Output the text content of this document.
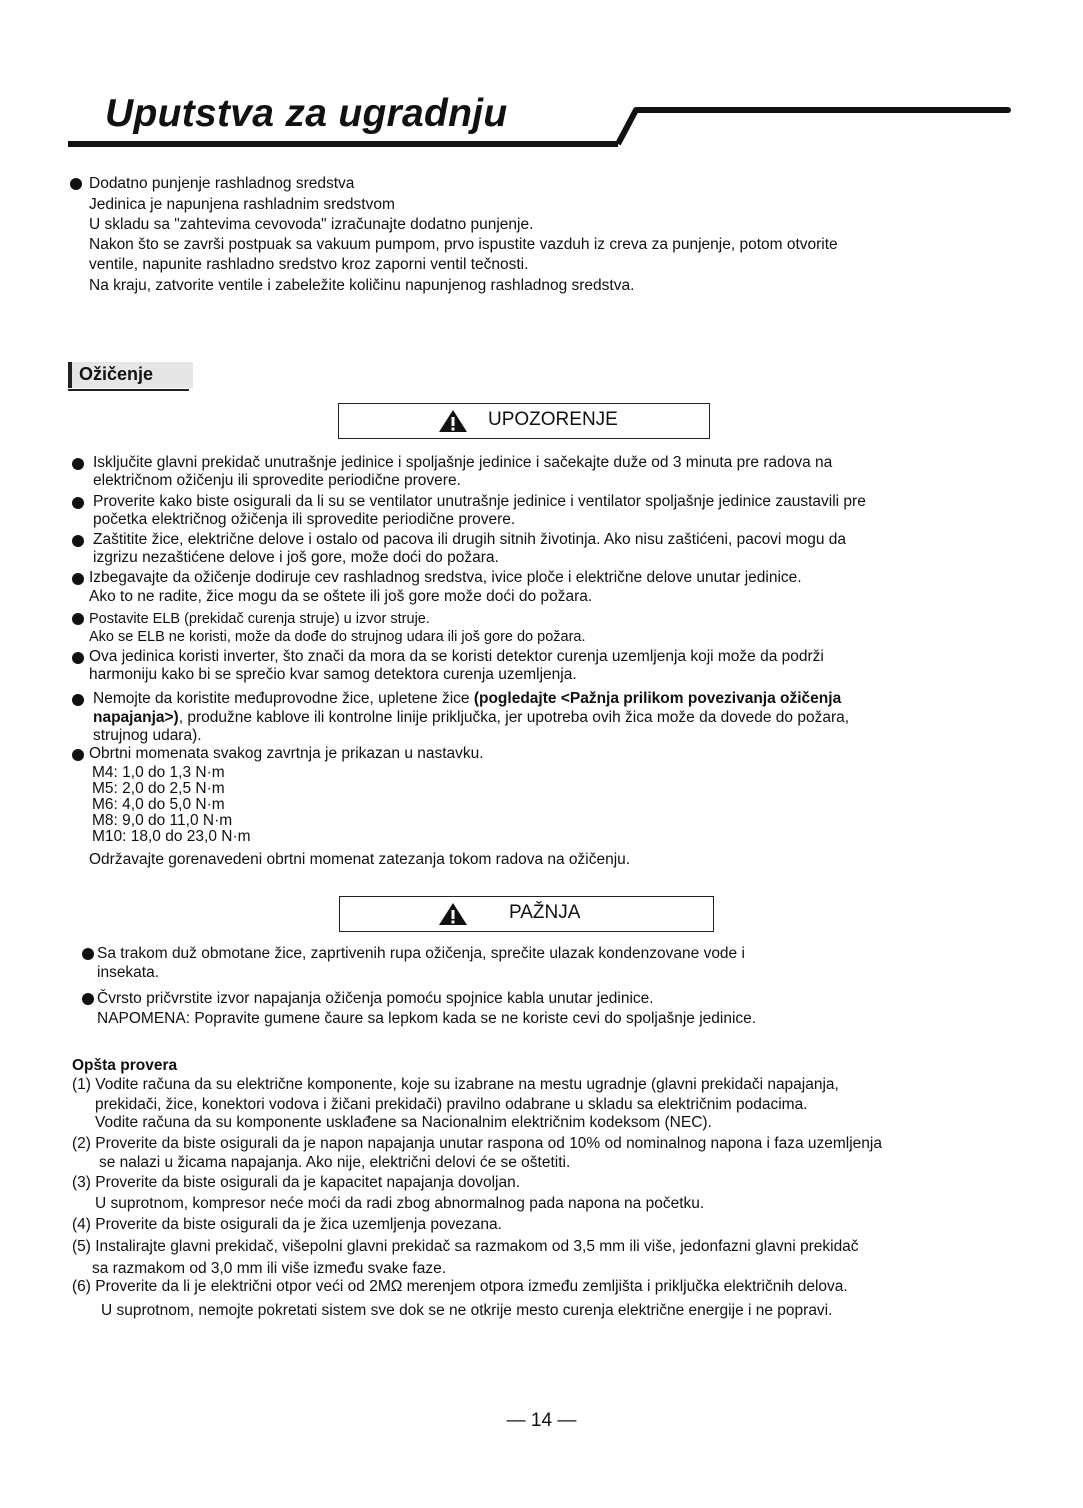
Uputstva za ugradnju
Dodatno punjenje rashladnog sredstva
Jedinica je napunjena rashladnim sredstvom
U skladu sa "zahtevima cevovoda" izračunajte dodatno punjenje.
Nakon što se završi postpuak sa vakuum pumpom, prvo ispustite vazduh iz creva za punjenje, potom otvorite
ventile, napunite rashladno sredstvo kroz zaporni ventil tečnosti.
Na kraju, zatvorite ventile i zabeležite količinu napunjenog rashladnog sredstva.
Ožičenje
UPOZORENJE
Isključite glavni prekidač unutrašnje jedinice i spoljašnje jedinice i sačekajte duže od 3 minuta pre radova na
električnom ožičenju ili sprovedite periodične provere.
Proverite kako biste osigurali da li su se ventilator unutrašnje jedinice i ventilator spoljašnje jedinice zaustavili pre
početka električnog ožičenja ili sprovedite periodične provere.
Zaštitite žice, električne delove i ostalo od pacova ili drugih sitnih životinja. Ako nisu zaštićeni, pacovi mogu da
izgrizu nezaštićene delove i još gore, može doći do požara.
Izbegavajte da ožičenje dodiruje cev rashladnog sredstva, ivice ploče i električne delove unutar jedinice.
Ako to ne radite, žice mogu da se oštete ili još gore može doći do požara.
Postavite ELB (prekidač curenja struje) u izvor struje.
Ako se ELB ne koristi, može da dođe do strujnog udara ili još gore do požara.
Ova jedinica koristi inverter, što znači da mora da se koristi detektor curenja uzemljenja koji može da podrži
harmoniju kako bi se sprečio kvar samog detektora curenja uzemljenja.
Nemojte da koristite međuprovodne žice, upletene žice (pogledajte <Pažnja prilikom povezivanja ožičenja
napajanja>), produžne kablove ili kontrolne linije priključka, jer upotreba ovih žica može da dovede do požara,
strujnog udara).
Obrtni momenata svakog zavrtnja je prikazan u nastavku.
M4: 1,0 do 1,3 N·m
M5: 2,0 do 2,5 N·m
M6: 4,0 do 5,0 N·m
M8: 9,0 do 11,0 N·m
M10: 18,0 do 23,0 N·m
Održavajte gorenavedeni obrtni momenat zatezanja tokom radova na ožičenju.
PAŽNJA
Sa trakom duž obmotane žice, zaprtivenih rupa ožičenja, sprečite ulazak kondenzovane vode i
insekata.
Čvrsto pričvrstite izvor napajanja ožičenja pomoću spojnice kabla unutar jedinice.
NAPOMENA: Popravite gumene čaure sa lepkom kada se ne koriste cevi do spoljašnje jedinice.
Opšta provera
(1) Vodite računa da su električne komponente, koje su izabrane na mestu ugradnje (glavni prekidači napajanja,
prekidači, žice, konektori vodova i žičani prekidači) pravilno odabrane u skladu sa električnim podacima.
Vodite računa da su komponente usklađene sa Nacionalnim električnim kodeksom (NEC).
(2) Proverite da biste osigurali da je napon napajanja unutar raspona od 10% od nominalnog napona i faza uzemljenja
se nalazi u žicama napajanja. Ako nije, električni delovi će se oštetiti.
(3) Proverite da biste osigurali da je kapacitet napajanja dovoljan.
U suprotnom, kompresor neće moći da radi zbog abnormalnog pada napona na početku.
(4) Proverite da biste osigurali da je žica uzemljenja povezana.
(5) Instalirajte glavni prekidač, višepolni glavni prekidač sa razmakom od 3,5 mm ili više, jedonfazni glavni prekidač
sa razmakom od 3,0 mm ili više između svake faze.
(6) Proverite da li je električni otpor veći od 2MΩ merenjem otpora između zemljišta i priključka električnih delova.
U suprotnom, nemojte pokretati sistem sve dok se ne otkrije mesto curenja električne energije i ne popravi.
— 14 —
